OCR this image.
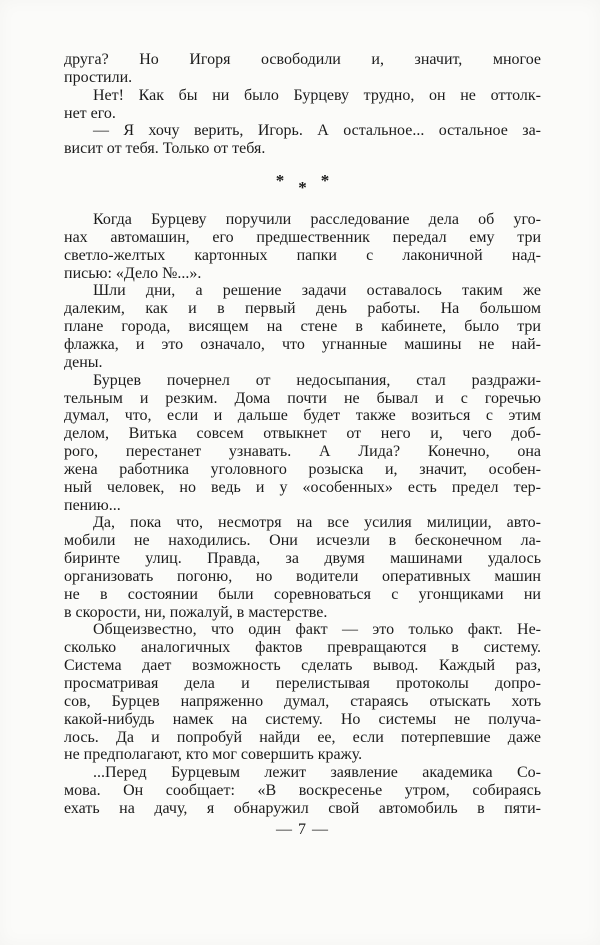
друга? Но Игоря освободили и, значит, многое
простили.
Нет! Как бы ни было Бурцеву трудно, он не оттолк-
нет его.
— Я хочу верить, Игорь. А остальное... остальное за-
висит от тебя. Только от тебя.
* * *
Когда Бурцеву поручили расследование дела об уго-
нах автомашин, его предшественник передал ему три
светло-желтых картонных папки с лаконичной над-
писью: «Дело №...».
Шли дни, а решение задачи оставалось таким же
далеким, как и в первый день работы. На большом
плане города, висящем на стене в кабинете, было три
флажка, и это означало, что угнанные машины не най-
дены.
Бурцев почернел от недосыпания, стал раздражи-
тельным и резким. Дома почти не бывал и с горечью
думал, что, если и дальше будет также возиться с этим
делом, Витька совсем отвыкнет от него и, чего доб-
рого, перестанет узнавать. А Лида? Конечно, она
жена работника уголовного розыска и, значит, особен-
ный человек, но ведь и у «особенных» есть предел тер-
пению...
Да, пока что, несмотря на все усилия милиции, авто-
мобили не находились. Они исчезли в бесконечном ла-
биринте улиц. Правда, за двумя машинами удалось
организовать погоню, но водители оперативных машин
не в состоянии были соревноваться с угонщиками ни
в скорости, ни, пожалуй, в мастерстве.
Общеизвестно, что один факт — это только факт. Не-
сколько аналогичных фактов превращаются в систему.
Система дает возможность сделать вывод. Каждый раз,
просматривая дела и перелистывая протоколы допро-
сов, Бурцев напряженно думал, стараясь отыскать хоть
какой-нибудь намек на систему. Но системы не получа-
лось. Да и попробуй найди ее, если потерпевшие даже
не предполагают, кто мог совершить кражу.
...Перед Бурцевым лежит заявление академика Со-
мова. Он сообщает: «В воскресенье утром, собираясь
ехать на дачу, я обнаружил свой автомобиль в пяти-
— 7 —
